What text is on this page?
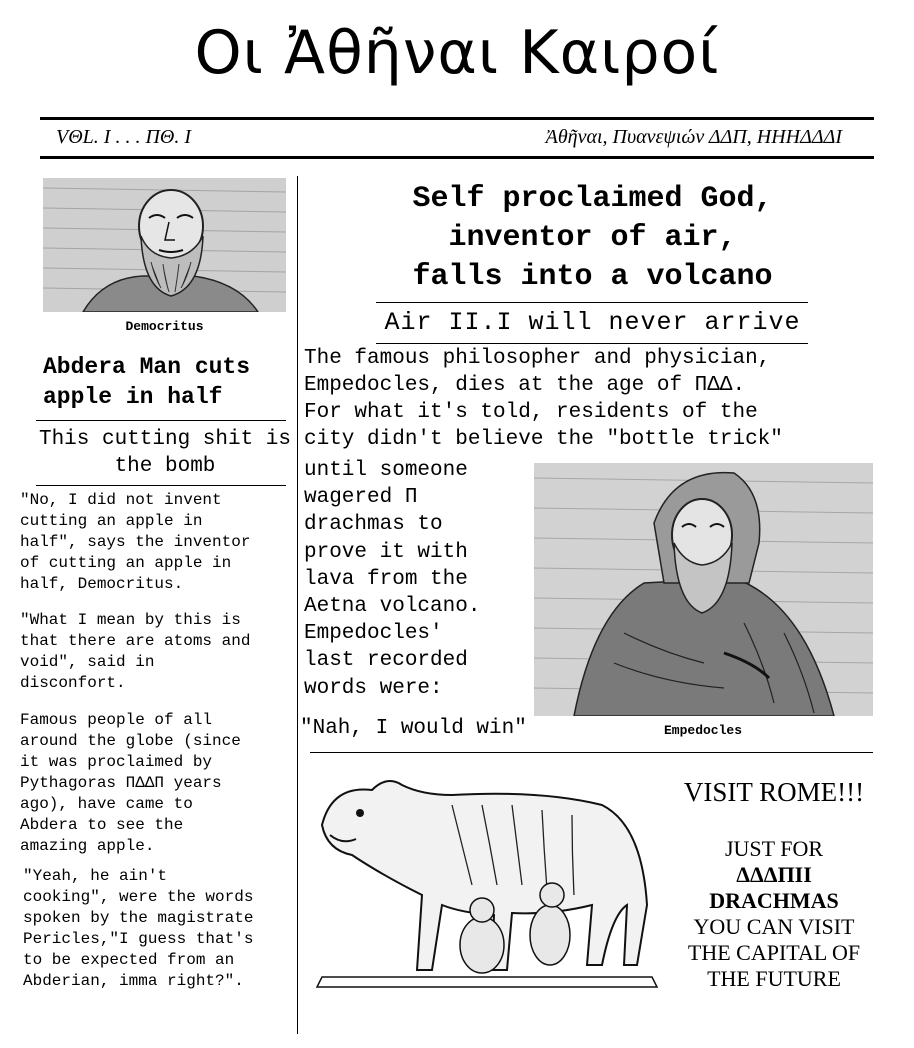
Οι Ἀθῆναι Καιροί
VΘL. I . . . ΠΘ. I	Ἀθῆναι, Πυανεψιών ΔΔΠ, HHHΔΔΔI
Democritus
Abdera Man cuts apple in half
This cutting shit is the bomb
"No, I did not invent
cutting an apple in
half", says the inventor
of cutting an apple in
half, Democritus.
"What I mean by this is
that there are atoms and
void", said in
disconfort.
Famous people of all
around the globe (since
it was proclaimed by
Pythagoras ΠΔΔΠ years
ago), have came to
Abdera to see the
amazing apple.
"Yeah, he ain't
cooking", were the words
spoken by the magistrate
Pericles,"I guess that's
to be expected from an
Abderian, imma right?".
Self proclaimed God,
inventor of air,
falls into a volcano
Air II.I will never arrive
The famous philosopher and physician,
Empedocles, dies at the age of ΠΔΔ.
For what it's told, residents of the
city didn't believe the "bottle trick"
until someone
wagered Π
drachmas to
prove it with
lava from the
Aetna volcano.
Empedocles'
last recorded
words were:
"Nah, I would win"	Empedocles
VISIT ROME!!!
JUST FOR
ΔΔΔΠΙΙ
DRACHMAS
YOU CAN VISIT
THE CAPITAL OF
THE FUTURE
